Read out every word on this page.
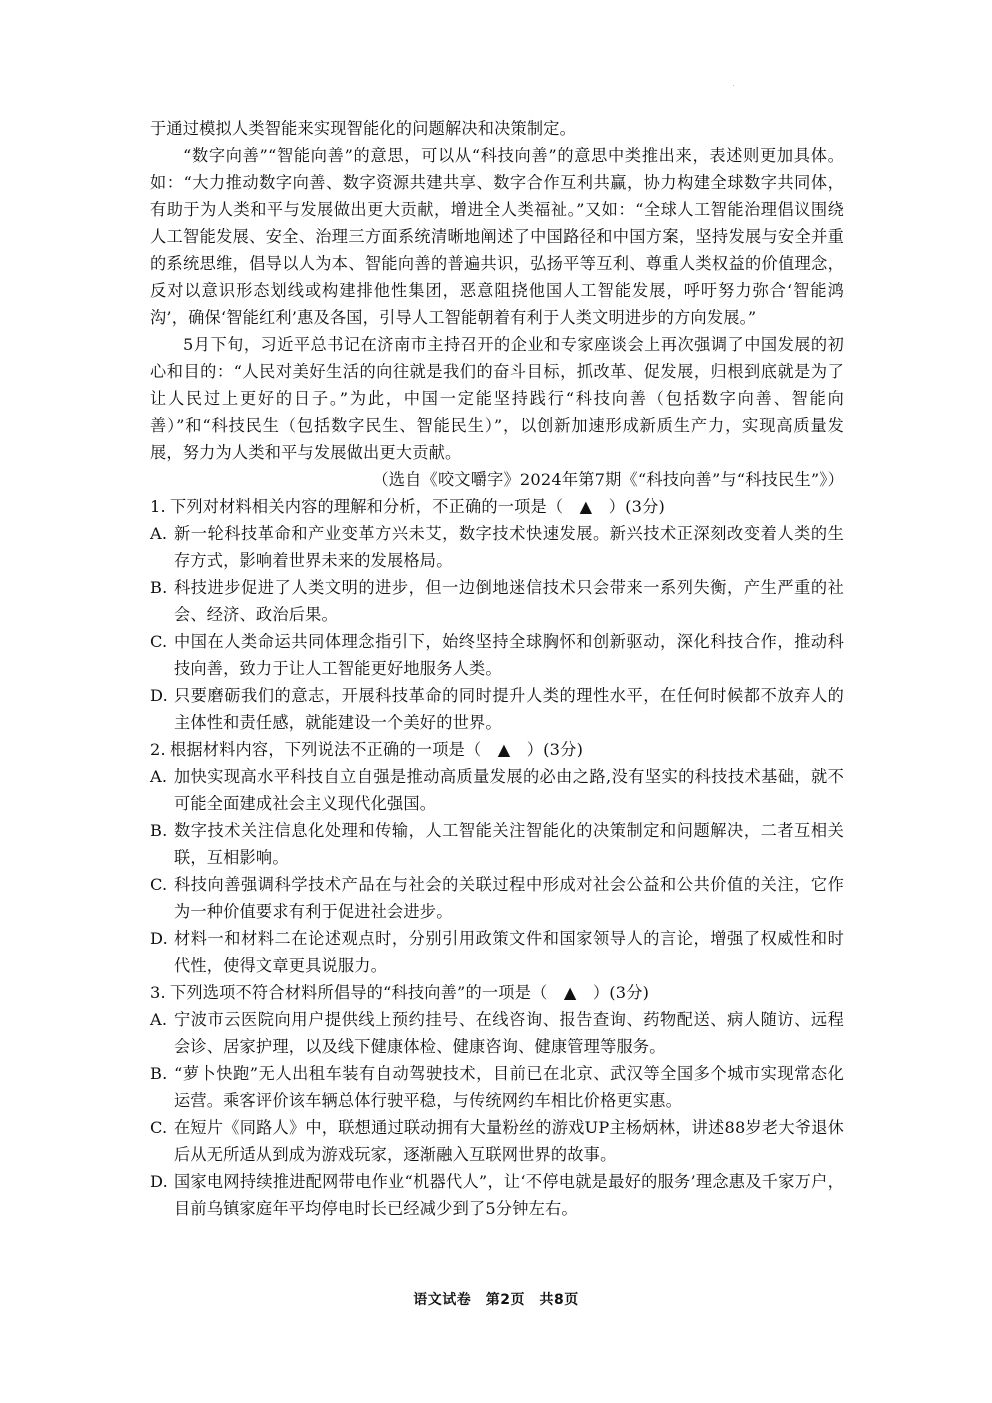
于通过模拟人类智能来实现智能化的问题解决和决策制定。

“数字向善”“智能向善”的意思，可以从“科技向善”的意思中类推出来，表述则更加具体。如：“大力推动数字向善、数字资源共建共享、数字合作互利共赢，协力构建全球数字共同体，有助于为人类和平与发展做出更大贡献，增进全人类福祉。”又如：“全球人工智能治理倡议围绕人工智能发展、安全、治理三方面系统清晰地阐述了中国路径和中国方案，坚持发展与安全并重的系统思维，倡导以人为本、智能向善的普遍共识，弘扬平等互利、尊重人类权益的价值理念，反对以意识形态划线或构建排他性集团，恶意阻挠他国人工智能发展，呼吁努力弥合‘智能鸿沟’，确保‘智能红利’惠及各国，引导人工智能朝着有利于人类文明进步的方向发展。”

5月下旬，习近平总书记在济南市主持召开的企业和专家座谈会上再次强调了中国发展的初心和目的：“人民对美好生活的向往就是我们的奋斗目标，抓改革、促发展，归根到底就是为了让人民过上更好的日子。”为此，中国一定能坚持践行“科技向善（包括数字向善、智能向善）”和“科技民生（包括数字民生、智能民生）”，以创新加速形成新质生产力，实现高质量发展，努力为人类和平与发展做出更大贡献。

（选自《咬文嚼字》2024年第7期《“科技向善”与“科技民生”》）

1. 下列对材料相关内容的理解和分析，不正确的一项是（　▲　）(3分)

A. 新一轮科技革命和产业变革方兴未艾，数字技术快速发展。新兴技术正深刻改变着人类的生存方式，影响着世界未来的发展格局。

B. 科技进步促进了人类文明的进步，但一边倒地迷信技术只会带来一系列失衡，产生严重的社会、经济、政治后果。

C. 中国在人类命运共同体理念指引下，始终坚持全球胸怀和创新驱动，深化科技合作，推动科技向善，致力于让人工智能更好地服务人类。

D. 只要磨砺我们的意志，开展科技革命的同时提升人类的理性水平，在任何时候都不放弃人的主体性和责任感，就能建设一个美好的世界。

2. 根据材料内容，下列说法不正确的一项是（　▲　）(3分)

A. 加快实现高水平科技自立自强是推动高质量发展的必由之路,没有坚实的科技技术基础，就不可能全面建成社会主义现代化强国。

B. 数字技术关注信息化处理和传输，人工智能关注智能化的决策制定和问题解决，二者互相关联，互相影响。

C. 科技向善强调科学技术产品在与社会的关联过程中形成对社会公益和公共价值的关注，它作为一种价值要求有利于促进社会进步。

D. 材料一和材料二在论述观点时，分别引用政策文件和国家领导人的言论，增强了权威性和时代性，使得文章更具说服力。

3. 下列选项不符合材料所倡导的“科技向善”的一项是（　▲　）(3分)

A. 宁波市云医院向用户提供线上预约挂号、在线咨询、报告查询、药物配送、病人随访、远程会诊、居家护理，以及线下健康体检、健康咨询、健康管理等服务。

B. “萝卜快跑”无人出租车装有自动驾驶技术，目前已在北京、武汉等全国多个城市实现常态化运营。乘客评价该车辆总体行驶平稳，与传统网约车相比价格更实惠。

C. 在短片《同路人》中，联想通过联动拥有大量粉丝的游戏UP主杨炳林，讲述88岁老大爷退休后从无所适从到成为游戏玩家，逐渐融入互联网世界的故事。

D. 国家电网持续推进配网带电作业“机器代人”，让‘不停电就是最好的服务’理念惠及千家万户，目前乌镇家庭年平均停电时长已经减少到了5分钟左右。

语文试卷　第2页　共8页
